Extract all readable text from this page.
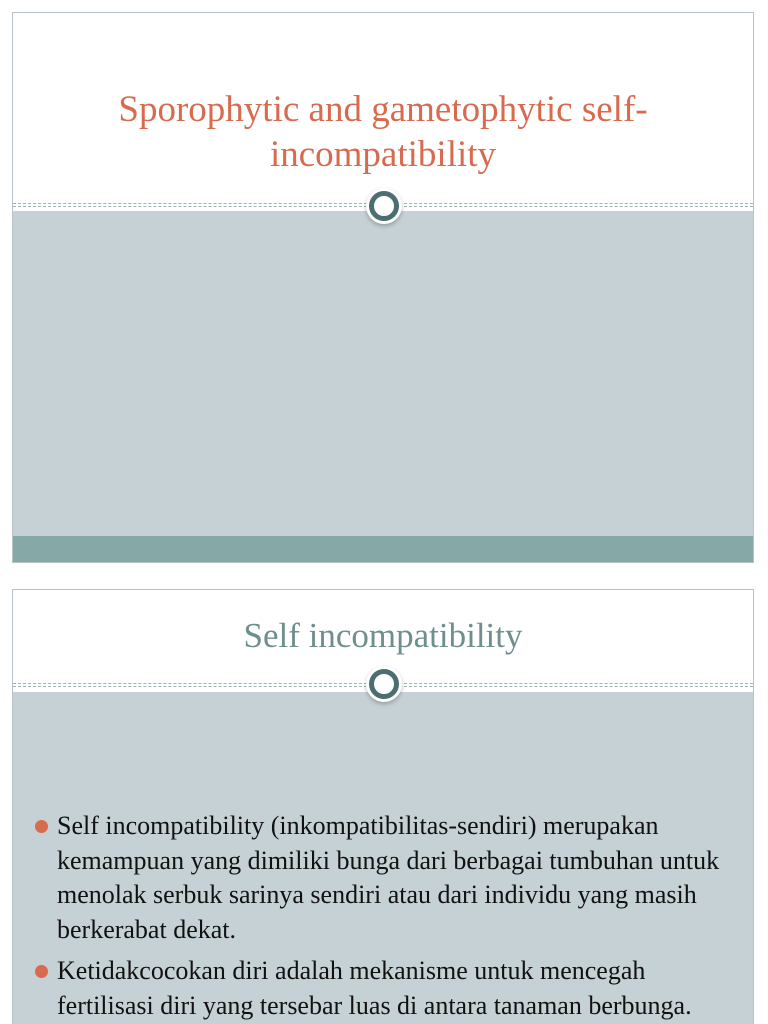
Sporophytic and gametophytic self-incompatibility
Self incompatibility
Self incompatibility (inkompatibilitas-sendiri) merupakan kemampuan yang dimiliki bunga dari berbagai tumbuhan untuk menolak serbuk sarinya sendiri atau dari individu yang masih berkerabat dekat.
Ketidakcocokan diri adalah mekanisme untuk mencegah fertilisasi diri yang tersebar luas di antara tanaman berbunga.
